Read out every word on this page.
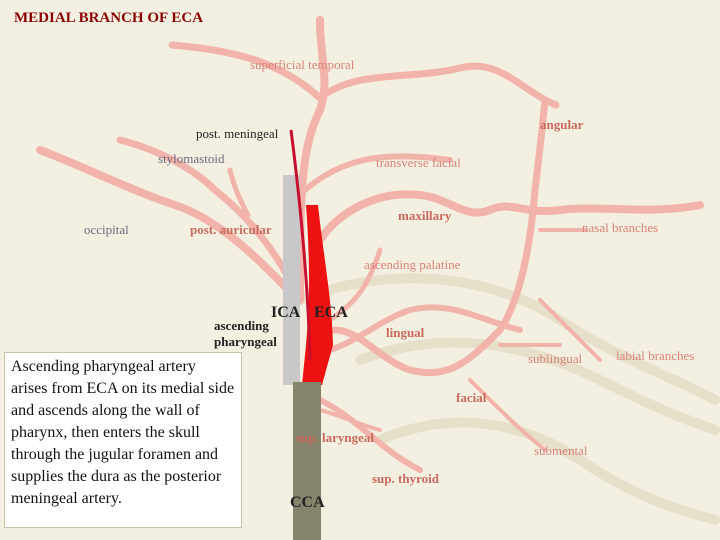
MEDIAL BRANCH OF ECA
superficial temporal
angular
post. meningeal
stylomastoid	transverse facial
maxillary
occipital	post. auricular	nasal branches
ascending palatine
ICA ECA
ascending
pharyngeal
lingual
sublingual	labial branches
facial
sup. laryngeal
submental
sup. thyroid
CCA
Ascending pharyngeal artery arises from ECA on its medial side and ascends along the wall of pharynx, then enters the skull through the jugular foramen and supplies the dura as the posterior meningeal artery.
